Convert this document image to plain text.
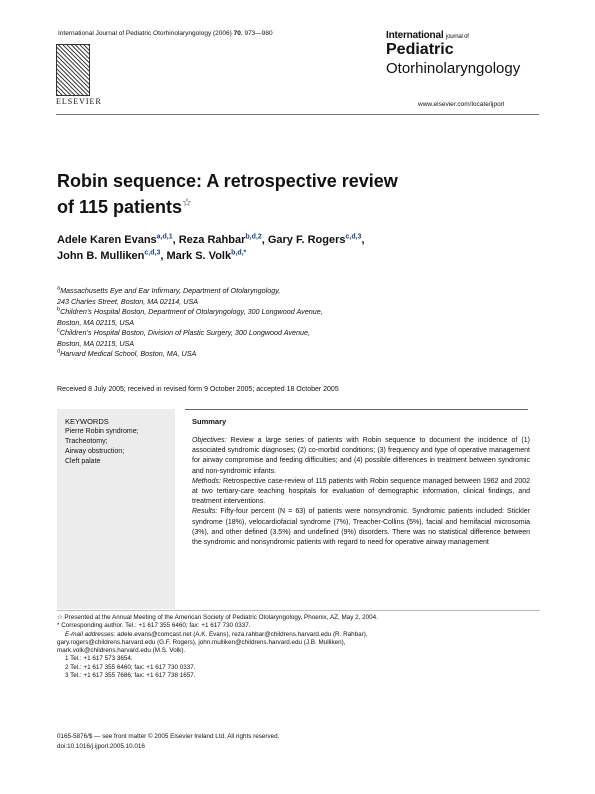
International Journal of Pediatric Otorhinolaryngology (2006) 70, 973—980
ELSEVIER
International journal of
Pediatric
Otorhinolaryngology
www.elsevier.com/locate/ijporl
Robin sequence: A retrospective review
of 115 patients☆
Adele Karen Evans$^{a,d,1}$, Reza Rahbar$^{b,d,2}$, Gary F. Rogers$^{c,d,3}$,
John B. Mulliken$^{c,d,3}$, Mark S. Volk$^{b,d,*}$
$^a$Massachusetts Eye and Ear Infirmary, Department of Otolaryngology,
243 Charles Street, Boston, MA 02114, USA
$^b$Children’s Hospital Boston, Department of Otolaryngology, 300 Longwood Avenue,
Boston, MA 02115, USA
$^c$Children’s Hospital Boston, Division of Plastic Surgery, 300 Longwood Avenue,
Boston, MA 02115, USA
$^d$Harvard Medical School, Boston, MA, USA
Received 8 July 2005; received in revised form 9 October 2005; accepted 18 October 2005
KEYWORDS
Pierre Robin syndrome;
Tracheotomy;
Airway obstruction;
Cleft palate
Summary

Objectives: Review a large series of patients with Robin sequence to document the incidence of (1) associated syndromic diagnoses; (2) co-morbid conditions; (3) frequency and type of operative management for airway compromise and feeding difficulties; and (4) possible differences in treatment between syndromic and non-syndromic infants.

Methods: Retrospective case-review of 115 patients with Robin sequence managed between 1962 and 2002 at two tertiary-care teaching hospitals for evaluation of demographic information, clinical findings, and treatment interventions.

Results: Fifty-four percent (N = 63) of patients were nonsyndromic. Syndromic patients included: Stickler syndrome (18%), velocardiofacial syndrome (7%), Treacher-Collins (5%), facial and hemifacial microsomia (3%), and other defined (3.5%) and undefined (9%) disorders. There was no statistical difference between the syndromic and nonsyndromic patients with regard to need for operative airway management

☆ Presented at the Annual Meeting of the American Society of Pediatric Otolaryngology, Phoenix, AZ, May 2, 2004.
* Corresponding author. Tel.: +1 617 355 6460; fax: +1 617 730 0337.
E-mail addresses: adele.evans@comcast.net (A.K. Evans), reza.rahbar@childrens.harvard.edu (R. Rahbar),
gary.rogers@childrens.harvard.edu (G.F. Rogers), john.mulliken@childrens.harvard.edu (J.B. Mulliken),
mark.volk@childrens.harvard.edu (M.S. Volk).
1 Tel.: +1 617 573 3654.
2 Tel.: +1 617 355 6460; fax: +1 617 730 0337.
3 Tel.: +1 617 355 7686; fax: +1 617 738 1657.
0165-5876/$ — see front matter © 2005 Elsevier Ireland Ltd. All rights reserved.
doi:10.1016/j.ijporl.2005.10.016
